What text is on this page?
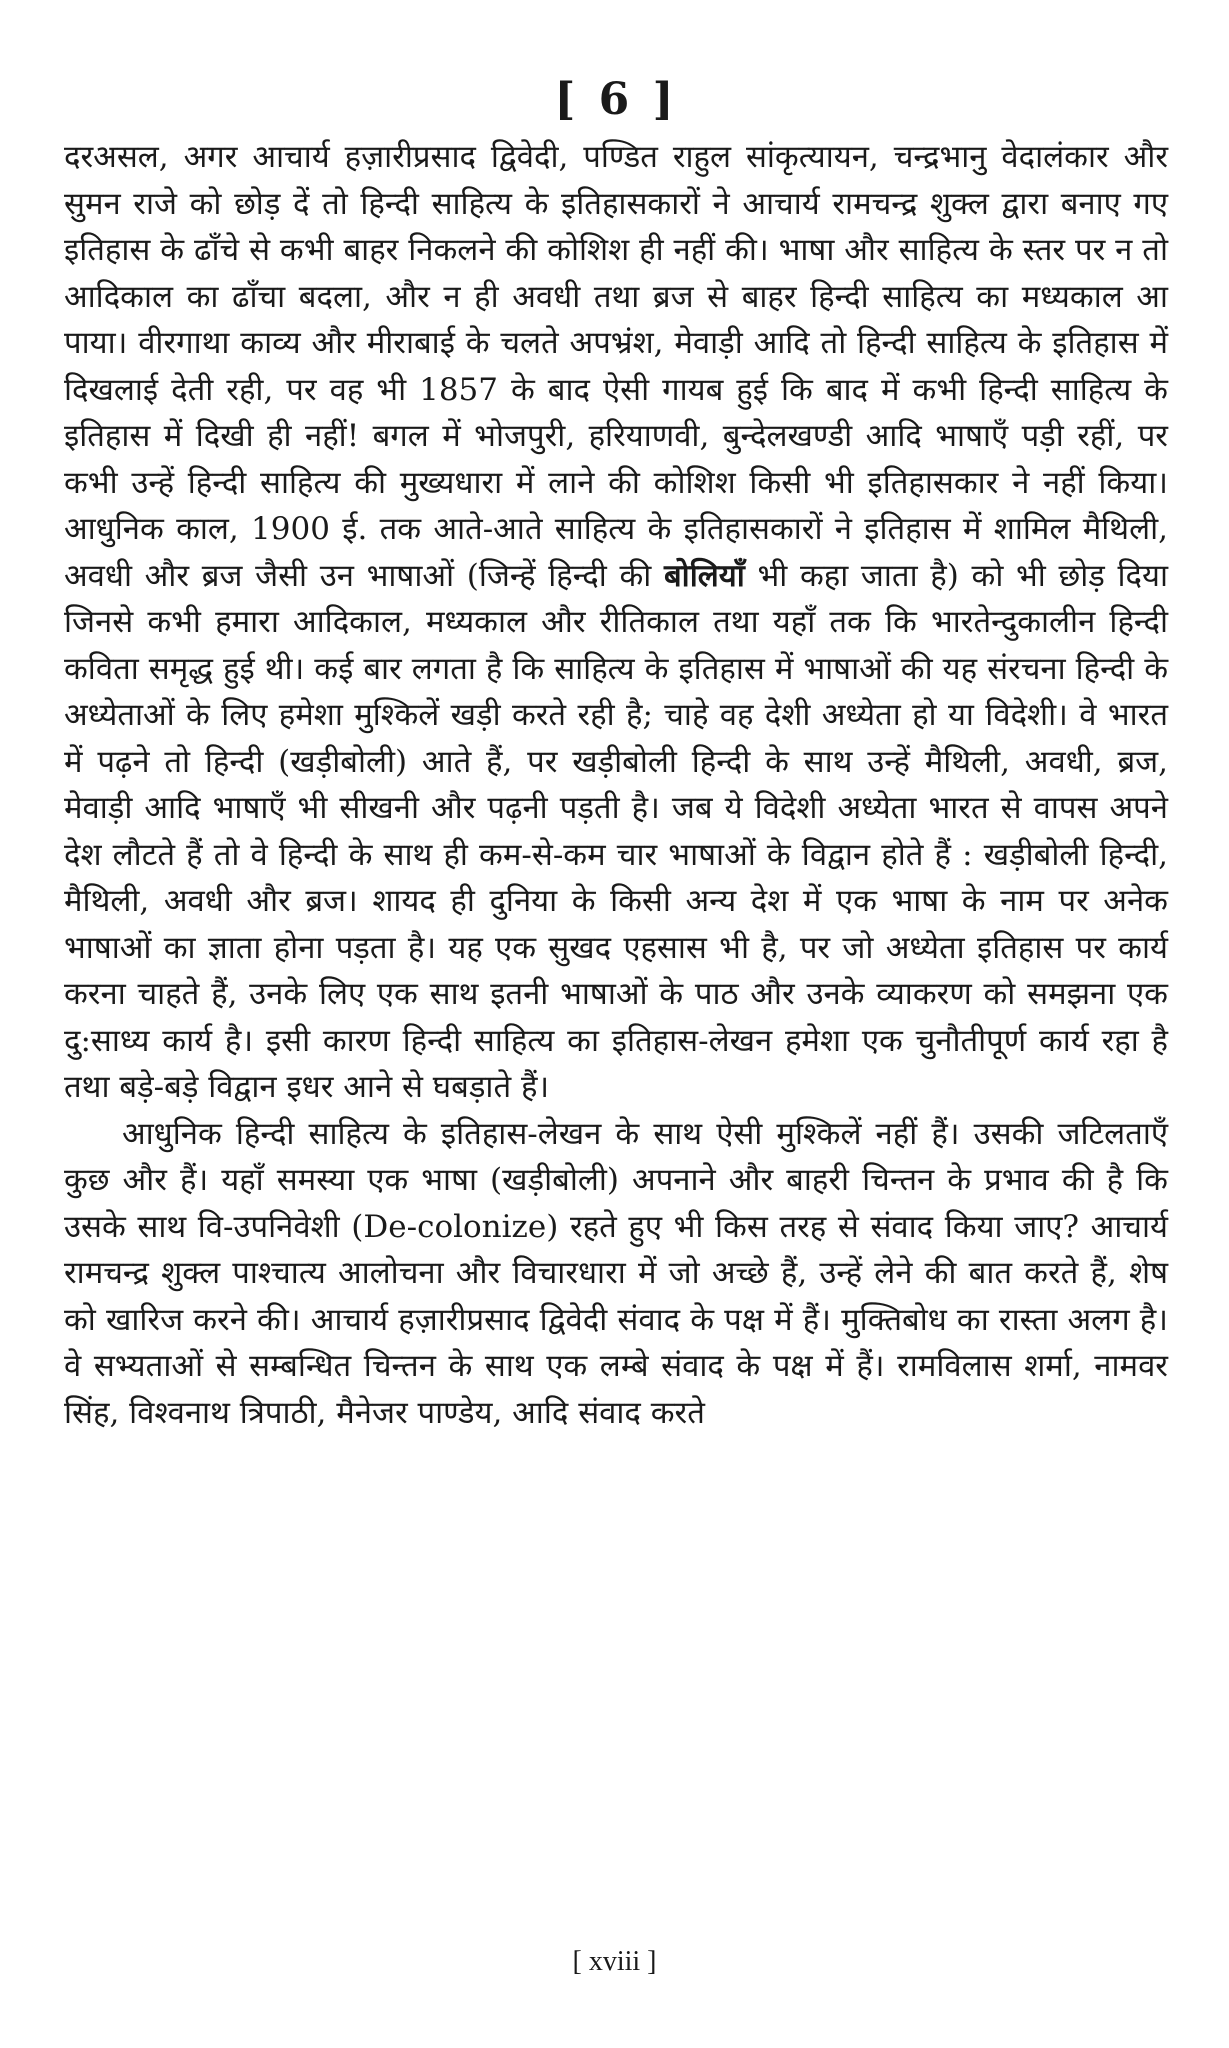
[ 6 ]

दरअसल, अगर आचार्य हज़ारीप्रसाद द्विवेदी, पण्डित राहुल सांकृत्यायन, चन्द्रभानु वेदालंकार और सुमन राजे को छोड़ दें तो हिन्दी साहित्य के इतिहासकारों ने आचार्य रामचन्द्र शुक्ल द्वारा बनाए गए इतिहास के ढाँचे से कभी बाहर निकलने की कोशिश ही नहीं की। भाषा और साहित्य के स्तर पर न तो आदिकाल का ढाँचा बदला, और न ही अवधी तथा ब्रज से बाहर हिन्दी साहित्य का मध्यकाल आ पाया। वीरगाथा काव्य और मीराबाई के चलते अपभ्रंश, मेवाड़ी आदि तो हिन्दी साहित्य के इतिहास में दिखलाई देती रही, पर वह भी 1857 के बाद ऐसी गायब हुई कि बाद में कभी हिन्दी साहित्य के इतिहास में दिखी ही नहीं! बगल में भोजपुरी, हरियाणवी, बुन्देलखण्डी आदि भाषाएँ पड़ी रहीं, पर कभी उन्हें हिन्दी साहित्य की मुख्यधारा में लाने की कोशिश किसी भी इतिहासकार ने नहीं किया। आधुनिक काल, 1900 ई. तक आते-आते साहित्य के इतिहासकारों ने इतिहास में शामिल मैथिली, अवधी और ब्रज जैसी उन भाषाओं (जिन्हें हिन्दी की बोलियाँ भी कहा जाता है) को भी छोड़ दिया जिनसे कभी हमारा आदिकाल, मध्यकाल और रीतिकाल तथा यहाँ तक कि भारतेन्दुकालीन हिन्दी कविता समृद्ध हुई थी। कई बार लगता है कि साहित्य के इतिहास में भाषाओं की यह संरचना हिन्दी के अध्येताओं के लिए हमेशा मुश्किलें खड़ी करते रही है; चाहे वह देशी अध्येता हो या विदेशी। वे भारत में पढ़ने तो हिन्दी (खड़ीबोली) आते हैं, पर खड़ीबोली हिन्दी के साथ उन्हें मैथिली, अवधी, ब्रज, मेवाड़ी आदि भाषाएँ भी सीखनी और पढ़नी पड़ती है। जब ये विदेशी अध्येता भारत से वापस अपने देश लौटते हैं तो वे हिन्दी के साथ ही कम-से-कम चार भाषाओं के विद्वान होते हैं : खड़ीबोली हिन्दी, मैथिली, अवधी और ब्रज। शायद ही दुनिया के किसी अन्य देश में एक भाषा के नाम पर अनेक भाषाओं का ज्ञाता होना पड़ता है। यह एक सुखद एहसास भी है, पर जो अध्येता इतिहास पर कार्य करना चाहते हैं, उनके लिए एक साथ इतनी भाषाओं के पाठ और उनके व्याकरण को समझना एक दु:साध्य कार्य है। इसी कारण हिन्दी साहित्य का इतिहास-लेखन हमेशा एक चुनौतीपूर्ण कार्य रहा है तथा बड़े-बड़े विद्वान इधर आने से घबड़ाते हैं।

आधुनिक हिन्दी साहित्य के इतिहास-लेखन के साथ ऐसी मुश्किलें नहीं हैं। उसकी जटिलताएँ कुछ और हैं। यहाँ समस्या एक भाषा (खड़ीबोली) अपनाने और बाहरी चिन्तन के प्रभाव की है कि उसके साथ वि-उपनिवेशी (De-colonize) रहते हुए भी किस तरह से संवाद किया जाए? आचार्य रामचन्द्र शुक्ल पाश्चात्य आलोचना और विचारधारा में जो अच्छे हैं, उन्हें लेने की बात करते हैं, शेष को खारिज करने की। आचार्य हज़ारीप्रसाद द्विवेदी संवाद के पक्ष में हैं। मुक्तिबोध का रास्ता अलग है। वे सभ्यताओं से सम्बन्धित चिन्तन के साथ एक लम्बे संवाद के पक्ष में हैं। रामविलास शर्मा, नामवर सिंह, विश्वनाथ त्रिपाठी, मैनेजर पाण्डेय, आदि संवाद करते

[ xviii ]
